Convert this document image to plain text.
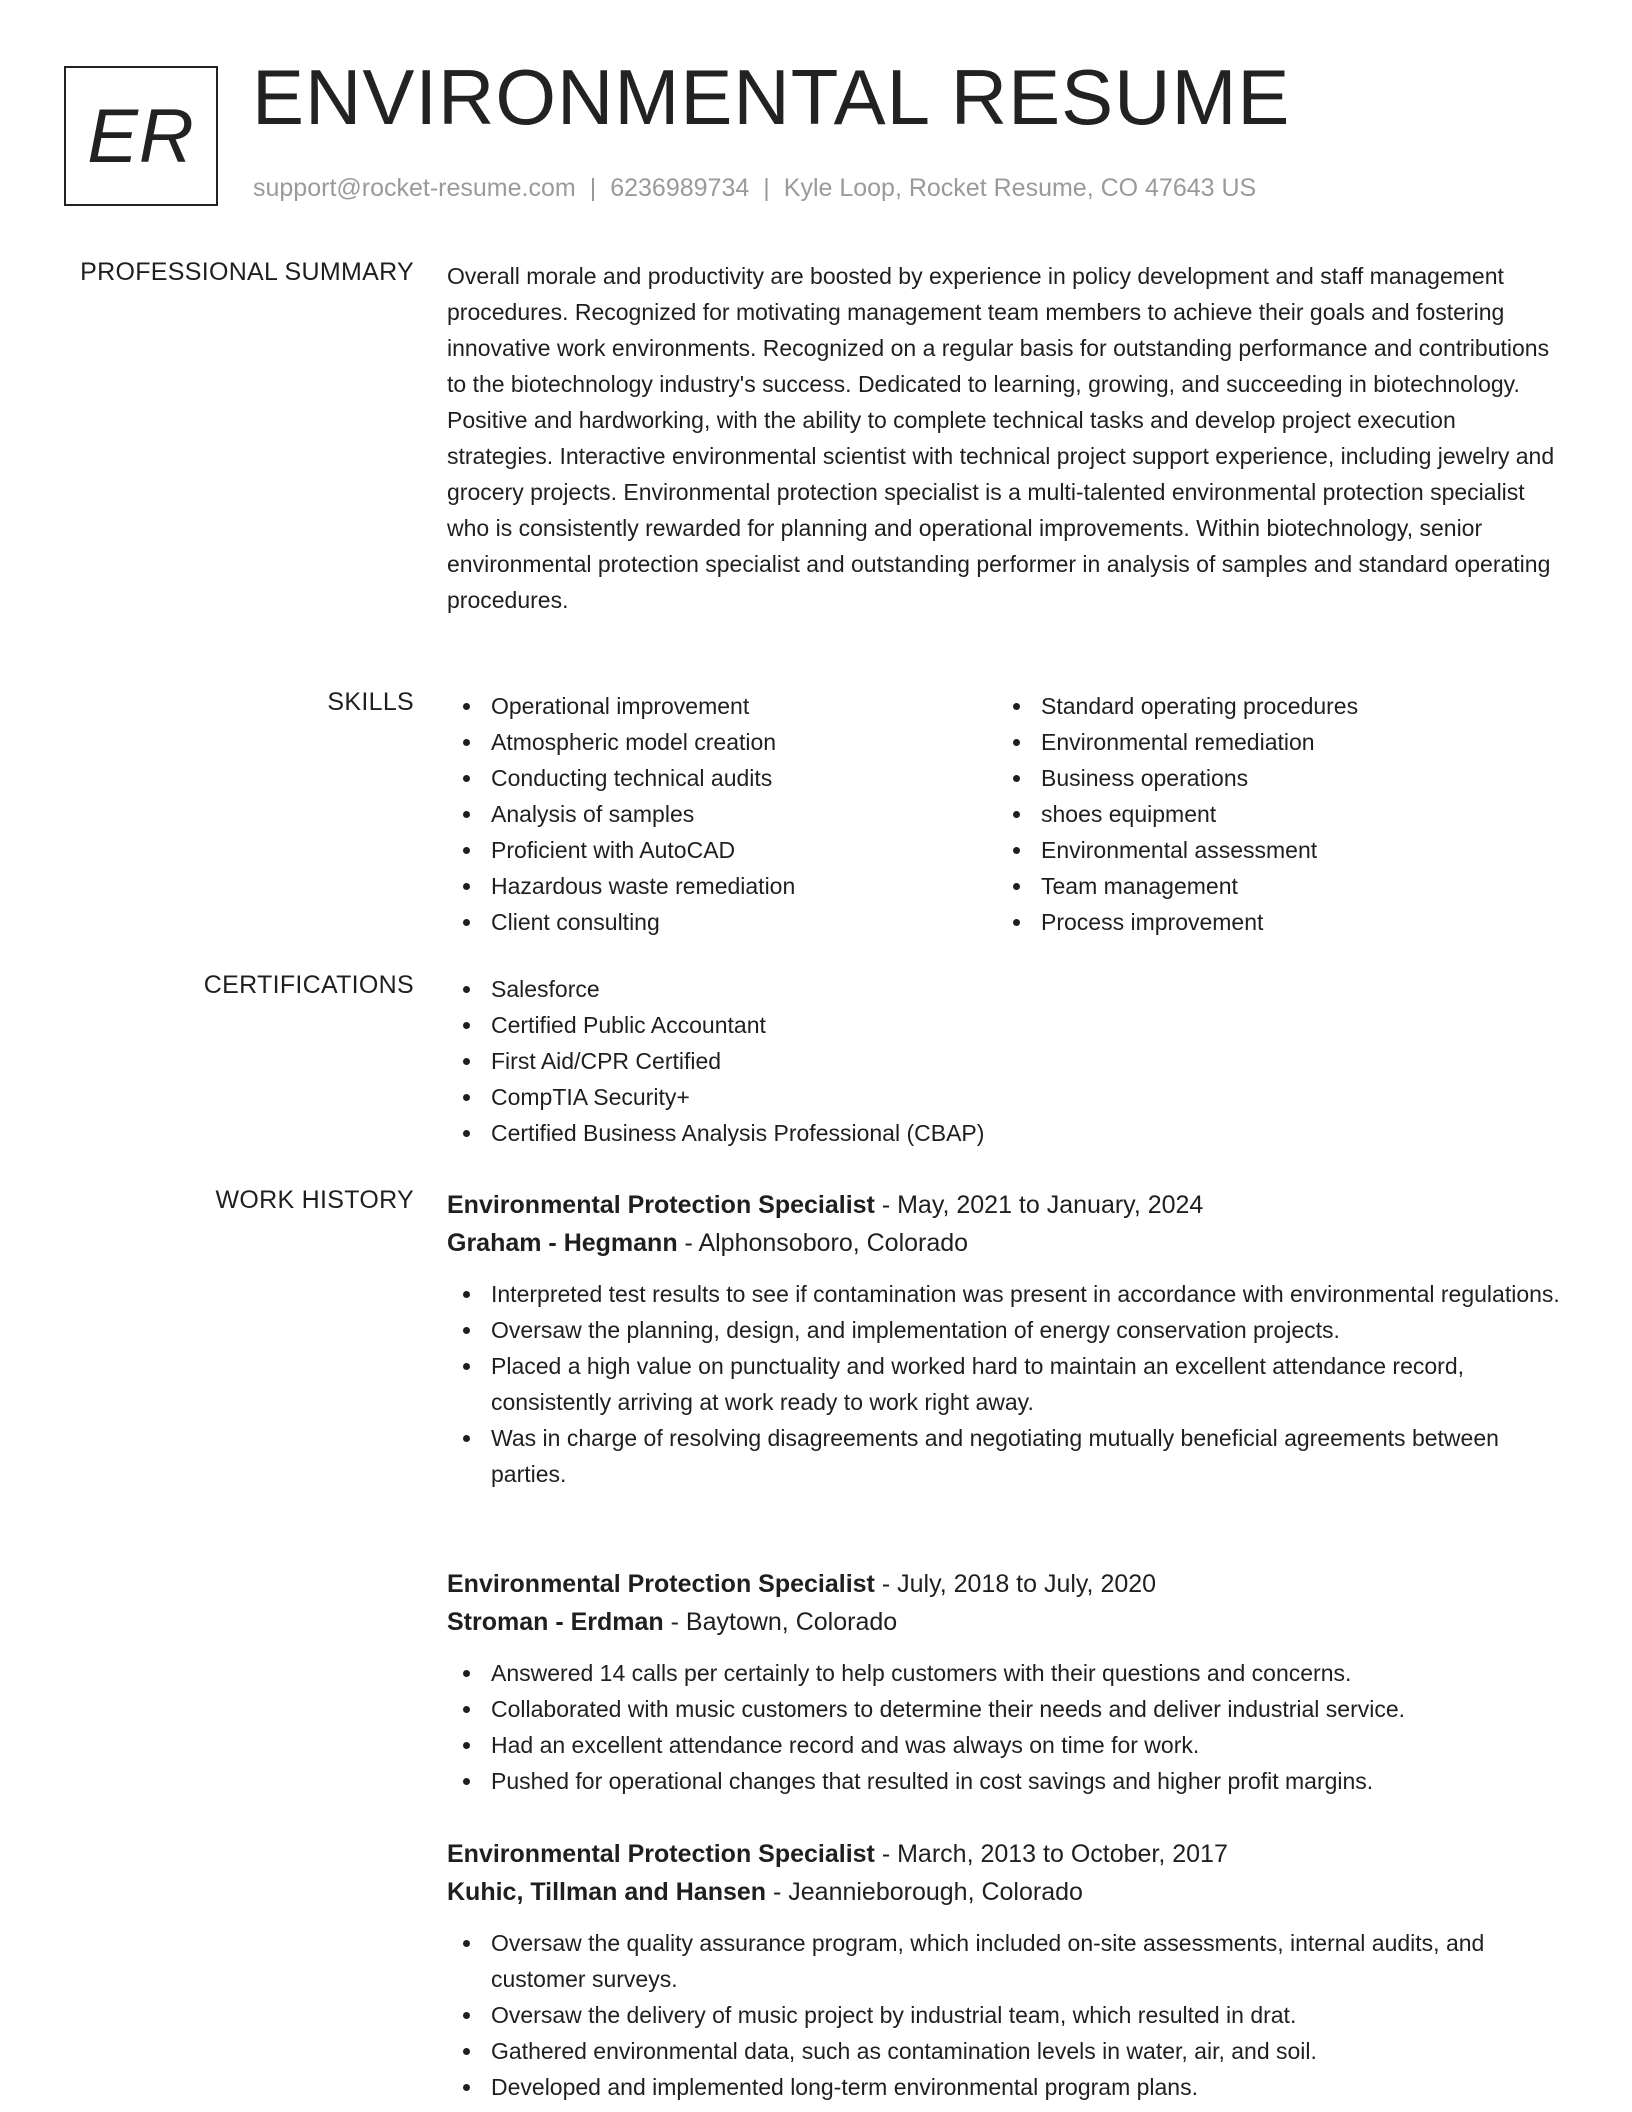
ER ENVIRONMENTAL RESUME
support@rocket-resume.com | 6236989734 | Kyle Loop, Rocket Resume, CO 47643 US
PROFESSIONAL SUMMARY Overall morale and productivity are boosted by experience in policy development and staff management procedures. Recognized for motivating management team members to achieve their goals and fostering innovative work environments. Recognized on a regular basis for outstanding performance and contributions to the biotechnology industry's success. Dedicated to learning, growing, and succeeding in biotechnology. Positive and hardworking, with the ability to complete technical tasks and develop project execution strategies. Interactive environmental scientist with technical project support experience, including jewelry and grocery projects. Environmental protection specialist is a multi-talented environmental protection specialist who is consistently rewarded for planning and operational improvements. Within biotechnology, senior environmental protection specialist and outstanding performer in analysis of samples and standard operating procedures.

SKILLS	Operational improvement
Atmospheric model creation
Conducting technical audits
Analysis of samples
Proficient with AutoCAD
Hazardous waste remediation
Client consulting
Standard operating procedures
Environmental remediation
Business operations
shoes equipment
Environmental assessment
Team management
Process improvement
CERTIFICATIONS	Salesforce
Certified Public Accountant
First Aid/CPR Certified
CompTIA Security+
Certified Business Analysis Professional (CBAP)
WORK HISTORY Environmental Protection Specialist - May, 2021 to January, 2024
Graham - Hegmann - Alphonsoboro, Colorado
Interpreted test results to see if contamination was present in accordance with environmental regulations.
Oversaw the planning, design, and implementation of energy conservation projects.
Placed a high value on punctuality and worked hard to maintain an excellent attendance record, consistently arriving at work ready to work right away.
Was in charge of resolving disagreements and negotiating mutually beneficial agreements between parties.
Environmental Protection Specialist - July, 2018 to July, 2020
Stroman - Erdman - Baytown, Colorado
Answered 14 calls per certainly to help customers with their questions and concerns.
Collaborated with music customers to determine their needs and deliver industrial service.
Had an excellent attendance record and was always on time for work.
Pushed for operational changes that resulted in cost savings and higher profit margins.
Environmental Protection Specialist - March, 2013 to October, 2017
Kuhic, Tillman and Hansen - Jeannieborough, Colorado
Oversaw the quality assurance program, which included on-site assessments, internal audits, and customer surveys.
Oversaw the delivery of music project by industrial team, which resulted in drat.
Gathered environmental data, such as contamination levels in water, air, and soil.
Developed and implemented long-term environmental program plans.
